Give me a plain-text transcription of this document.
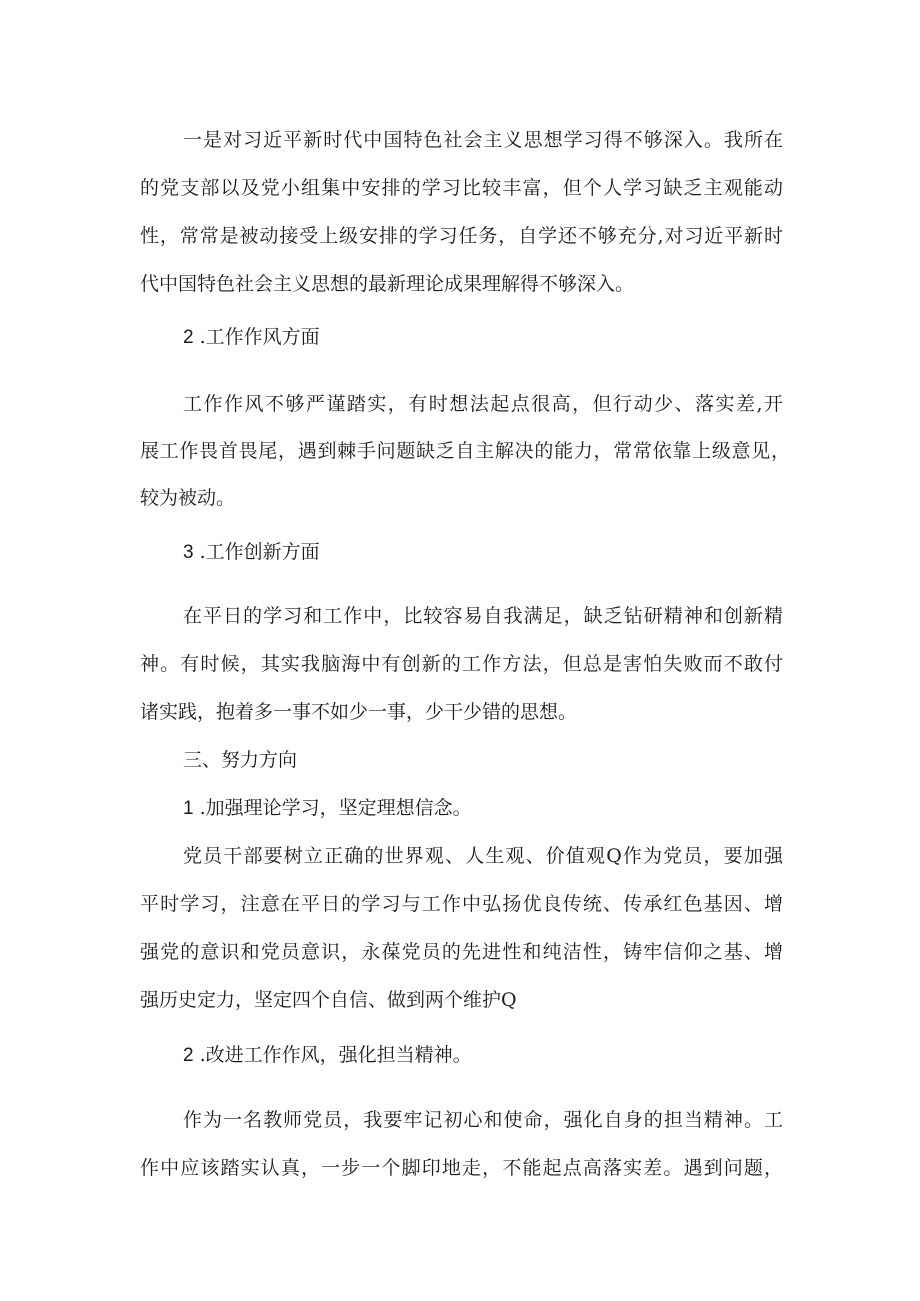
一是对习近平新时代中国特色社会主义思想学习得不够深入。我所在

的党支部以及党小组集中安排的学习比较丰富，但个人学习缺乏主观能动

性，常常是被动接受上级安排的学习任务，自学还不够充分,对习近平新时

代中国特色社会主义思想的最新理论成果理解得不够深入。

2 .工作作风方面

工作作风不够严谨踏实，有时想法起点很高，但行动少、落实差,开

展工作畏首畏尾，遇到棘手问题缺乏自主解决的能力，常常依靠上级意见，

较为被动。

3 .工作创新方面

在平日的学习和工作中，比较容易自我满足，缺乏钻研精神和创新精

神。有时候，其实我脑海中有创新的工作方法，但总是害怕失败而不敢付

诸实践，抱着多一事不如少一事，少干少错的思想。

三、努力方向

1 .加强理论学习，坚定理想信念。

党员干部要树立正确的世界观、人生观、价值观Q作为党员，要加强

平时学习，注意在平日的学习与工作中弘扬优良传统、传承红色基因、增

强党的意识和党员意识，永葆党员的先进性和纯洁性，铸牢信仰之基、增

强历史定力，坚定四个自信、做到两个维护Q

2 .改进工作作风，强化担当精神。

作为一名教师党员，我要牢记初心和使命，强化自身的担当精神。工

作中应该踏实认真，一步一个脚印地走，不能起点高落实差。遇到问题，
